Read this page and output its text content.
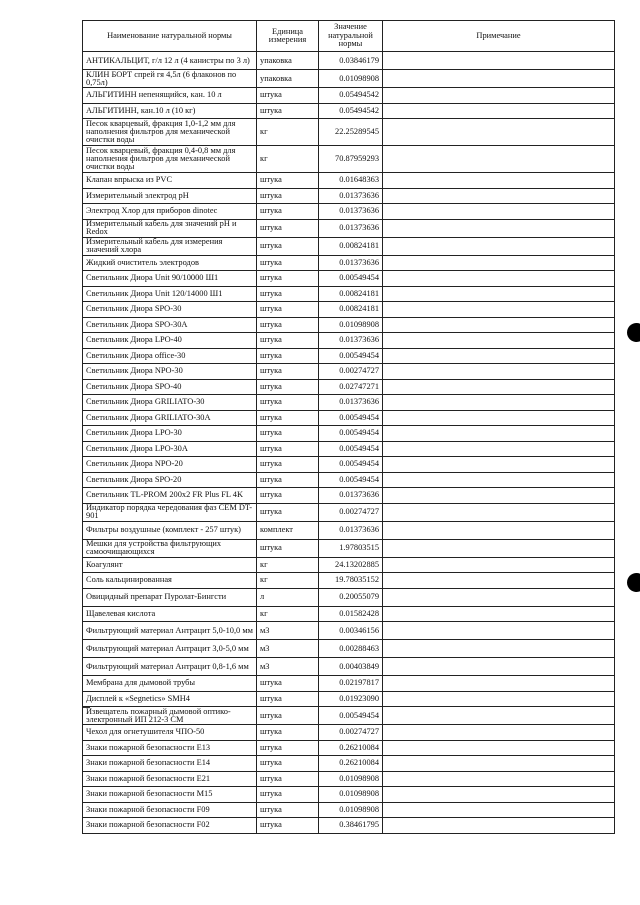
Наименование натуральной нормы	Единица измерения	Значение натуральной нормы	Примечание
АНТИКАЛЬЦИТ, г/л 12 л (4 канистры по 3 л)	упаковка	0.03846179	
КЛИН БОРТ спрей гя 4,5л (6 флаконов по 0,75л)	упаковка	0.01098908	
АЛЬГИТИНН непенящийся, кан. 10 л	штука	0.05494542	
АЛЬГИТИНН, кан.10 л (10 кг)	штука	0.05494542	
Песок кварцевый, фракция 1,0-1,2 мм для наполнения фильтров для механической очистки воды	кг	22.25289545	
Песок кварцевый, фракция 0,4-0,8 мм для наполнения фильтров для механической очистки воды	кг	70.87959293	
Клапан впрыска из PVC	штука	0.01648363	
Измерительный электрод pH	штука	0.01373636	
Электрод Хлор для приборов dinotec	штука	0.01373636	
Измерительный кабель для значений pH и Redox	штука	0.01373636	
Измерительный кабель для измерения значений хлора	штука	0.00824181	
Жидкий очиститель электродов	штука	0.01373636	
Светильник Диора Unit 90/10000 Ш1	штука	0.00549454	
Светильник Диора Unit 120/14000 Ш1	штука	0.00824181	
Светильник Диора SPO-30	штука	0.00824181	
Светильник Диора SPO-30A	штука	0.01098908	
Светильник Диора LPO-40	штука	0.01373636	
Светильник Диора office-30	штука	0.00549454	
Светильник Диора NPO-30	штука	0.00274727	
Светильник Диора SPO-40	штука	0.02747271	
Светильник Диора GRILIATO-30	штука	0.01373636	
Светильник Диора GRILIATO-30A	штука	0.00549454	
Светильник Диора LPO-30	штука	0.00549454	
Светильник Диора LPO-30A	штука	0.00549454	
Светильник Диора NPO-20	штука	0.00549454	
Светильник Диора SPO-20	штука	0.00549454	
Светильник TL-PROM 200х2 FR Plus FL 4K	штука	0.01373636	
Индикатор порядка чередования фаз СЕМ DT-901	штука	0.00274727	
Фильтры воздушные (комплект - 257 штук)	комплект	0.01373636	
Мешки для устройства фильтрующих самоочищающихся	штука	1.97803515	
Коагулянт	кг	24.13202885	
Соль кальцинированная	кг	19.78035152	
Овицидный препарат Пуролат-Бингсти	л	0.20055079	
Щавелевая кислота	кг	0.01582428	
Фильтрующий материал Антрацит 5,0-10,0 мм	м3	0.00346156	
Фильтрующий материал Антрацит 3,0-5,0 мм	м3	0.00288463	
Фильтрующий материал Антрацит 0,8-1,6 мм	м3	0.00403849	
Мембрана для дымовой трубы	штука	0.02197817	
Дисплей к «Segnetics» SMH4	штука	0.01923090	
Извещатель пожарный дымовой оптико-электронный ИП 212-3 СМ	штука	0.00549454	
Чехол для огнетушителя ЧПО-50	штука	0.00274727	
Знаки пожарной безопасности Е13	штука	0.26210084	
Знаки пожарной безопасности Е14	штука	0.26210084	
Знаки пожарной безопасности Е21	штука	0.01098908	
Знаки пожарной безопасности М15	штука	0.01098908	
Знаки пожарной безопасности F09	штука	0.01098908	
Знаки пожарной безопасности F02	штука	0.38461795	
